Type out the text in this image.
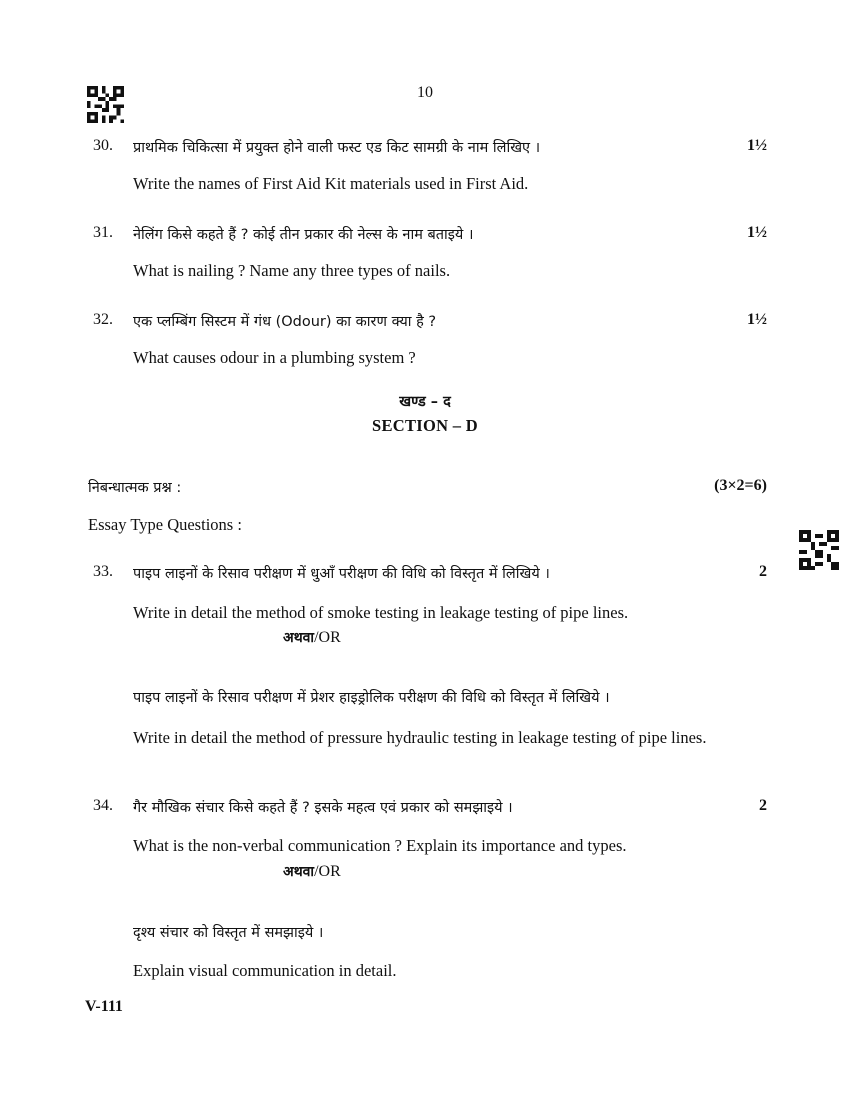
10
30. प्राथमिक चिकित्सा में प्रयुक्त होने वाली फस्ट एड किट सामग्री के नाम लिखिए ।	1½
Write the names of First Aid Kit materials used in First Aid.
31. नेलिंग किसे कहते हैं ? कोई तीन प्रकार की नेल्स के नाम बताइये ।	1½
What is nailing ? Name any three types of nails.
32. एक प्लम्बिंग सिस्टम में गंध (Odour) का कारण क्या है ?	1½
What causes odour in a plumbing system ?
खण्ड – द
SECTION – D
निबन्धात्मक प्रश्न :	(3×2=6)
Essay Type Questions :
33. पाइप लाइनों के रिसाव परीक्षण में धुआँ परीक्षण की विधि को विस्तृत में लिखिये ।	2
Write in detail the method of smoke testing in leakage testing of pipe lines.
अथवा/OR
पाइप लाइनों के रिसाव परीक्षण में प्रेशर हाइड्रोलिक परीक्षण की विधि को विस्तृत में लिखिये ।
Write in detail the method of pressure hydraulic testing in leakage testing of pipe lines.
34. गैर मौखिक संचार किसे कहते हैं ? इसके महत्व एवं प्रकार को समझाइये ।	2
What is the non-verbal communication ? Explain its importance and types.
अथवा/OR
दृश्य संचार को विस्तृत में समझाइये ।
Explain visual communication in detail.
V-111
